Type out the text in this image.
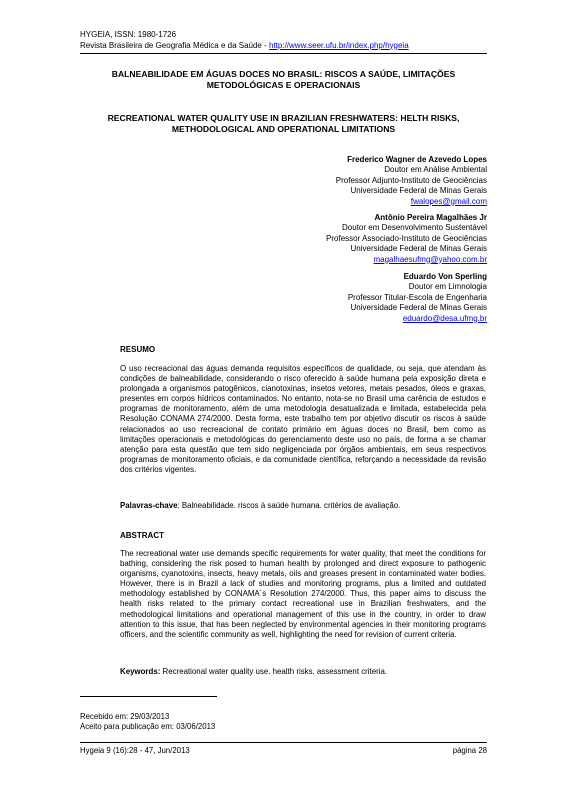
HYGEIA, ISSN: 1980-1726
Revista Brasileira de Geografia Médica e da Saúde - http://www.seer.ufu.br/index.php/hygeia
BALNEABILIDADE EM ÁGUAS DOCES NO BRASIL: RISCOS A SAÚDE, LIMITAÇÕES
METODOLÓGICAS E OPERACIONAIS
RECREATIONAL WATER QUALITY USE IN BRAZILIAN FRESHWATERS: HELTH RISKS,
METHODOLOGICAL AND OPERATIONAL LIMITATIONS
Frederico Wagner de Azevedo Lopes
Doutor em Análise Ambiental
Professor Adjunto-Instituto de Geociências
Universidade Federal de Minas Gerais
fwalopes@gmail.com
Antônio Pereira Magalhães Jr
Doutor em Desenvolvimento Sustentável
Professor Associado-Instituto de Geociências
Universidade Federal de Minas Gerais
magalhaesufmg@yahoo.com.br
Eduardo Von Sperling
Doutor em Limnologia
Professor Titular-Escola de Engenharia
Universidade Federal de Minas Gerais
eduardo@desa.ufmg.br
RESUMO
O uso recreacional das águas demanda requisitos específicos de qualidade, ou seja, que atendam às condições de balneabilidade, considerando o risco oferecido à saúde humana pela exposição direta e prolongada a organismos patogênicos, cianotoxinas, insetos vetores, metais pesados, óleos e graxas, presentes em corpos hídricos contaminados. No entanto, nota-se no Brasil uma carência de estudos e programas de monitoramento, além de uma metodologia desatualizada e limitada, estabelecida pela Resolução CONAMA 274/2000. Desta forma, este trabalho tem por objetivo discutir os riscos à saúde relacionados ao uso recreacional de contato primário em águas doces no Brasil, bem como as limitações operacionais e metodológicas do gerenciamento deste uso no país, de forma a se chamar atenção para esta questão que tem sido negligenciada por órgãos ambientais, em seus respectivos programas de monitoramento oficiais, e da comunidade científica, reforçando a necessidade da revisão dos critérios vigentes.
Palavras-chave: Balneabilidade. riscos à saúde humana. critérios de avaliação.
ABSTRACT
The recreational water use demands specific requirements for water quality, that meet the conditions for bathing, considering the risk posed to human health by prolonged and direct exposure to pathogenic organisms, cyanotoxins, insects, heavy metals, oils and greases present in contaminated water bodies. However, there is in Brazil a lack of studies and monitoring programs, plus a limited and outdated methodology established by CONAMA´s Resolution 274/2000. Thus, this paper aims to discuss the health risks related to the primary contact recreational use in Brazilian freshwaters, and the methodological limitations and operational management of this use in the country, in order to draw attention to this issue, that has been neglected by environmental agencies in their monitoring programs officers, and the scientific community as well, highlighting the need for revision of current criteria.
Keywords: Recreational water quality use. health risks. assessment criteria.
Recebido em: 29/03/2013
Aceito para publicação em: 03/06/2013
Hygeia 9 (16):28 - 47, Jun/2013	página 28
